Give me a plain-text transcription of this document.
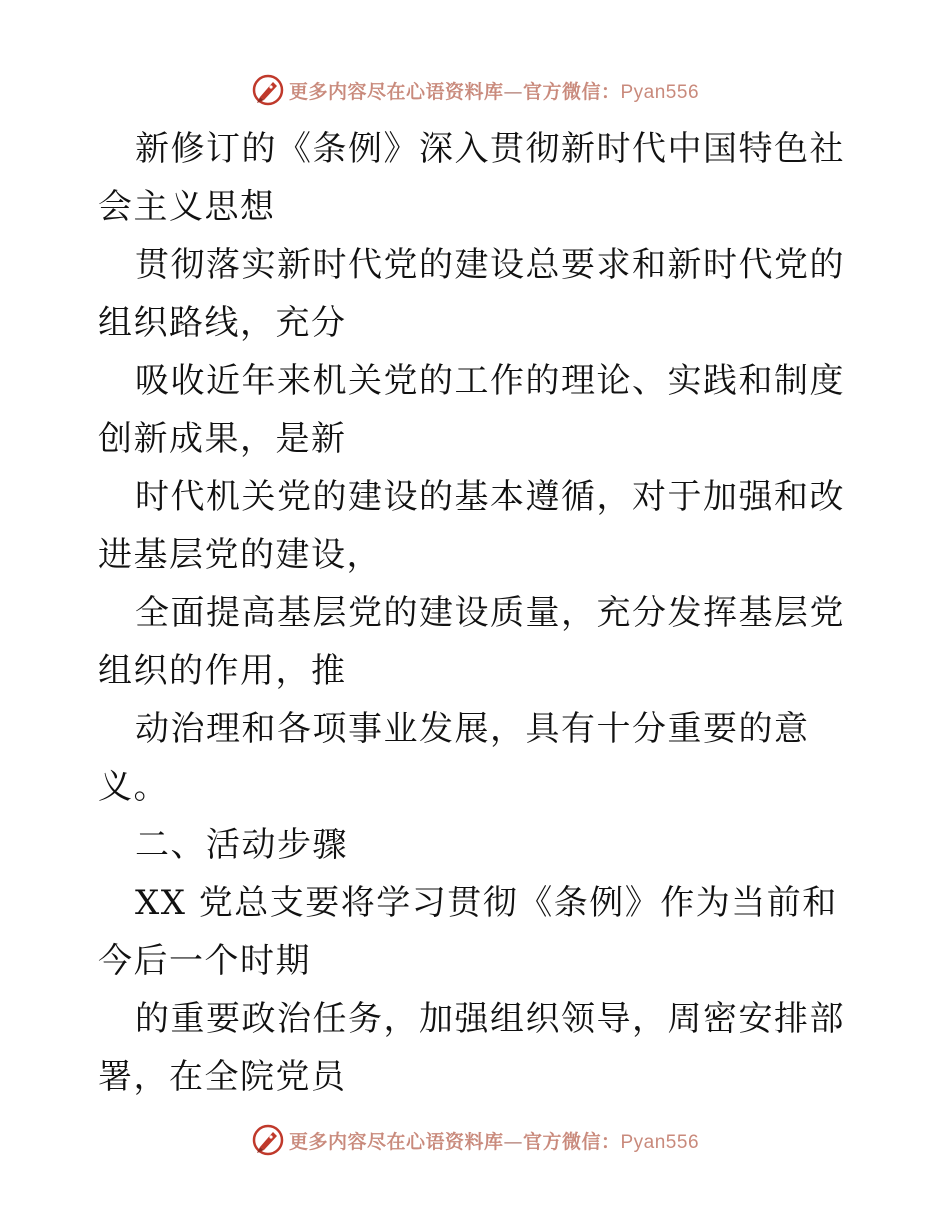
更多内容尽在心语资料库—官方微信：Pyan556

新修订的《条例》深入贯彻新时代中国特色社会主义思想

贯彻落实新时代党的建设总要求和新时代党的组织路线，充分

吸收近年来机关党的工作的理论、实践和制度创新成果，是新

时代机关党的建设的基本遵循，对于加强和改进基层党的建设，

全面提高基层党的建设质量，充分发挥基层党组织的作用，推

动治理和各项事业发展，具有十分重要的意义。

二、活动步骤

XX 党总支要将学习贯彻《条例》作为当前和今后一个时期

的重要政治任务，加强组织领导，周密安排部署，在全院党员

更多内容尽在心语资料库—官方微信：Pyan556
